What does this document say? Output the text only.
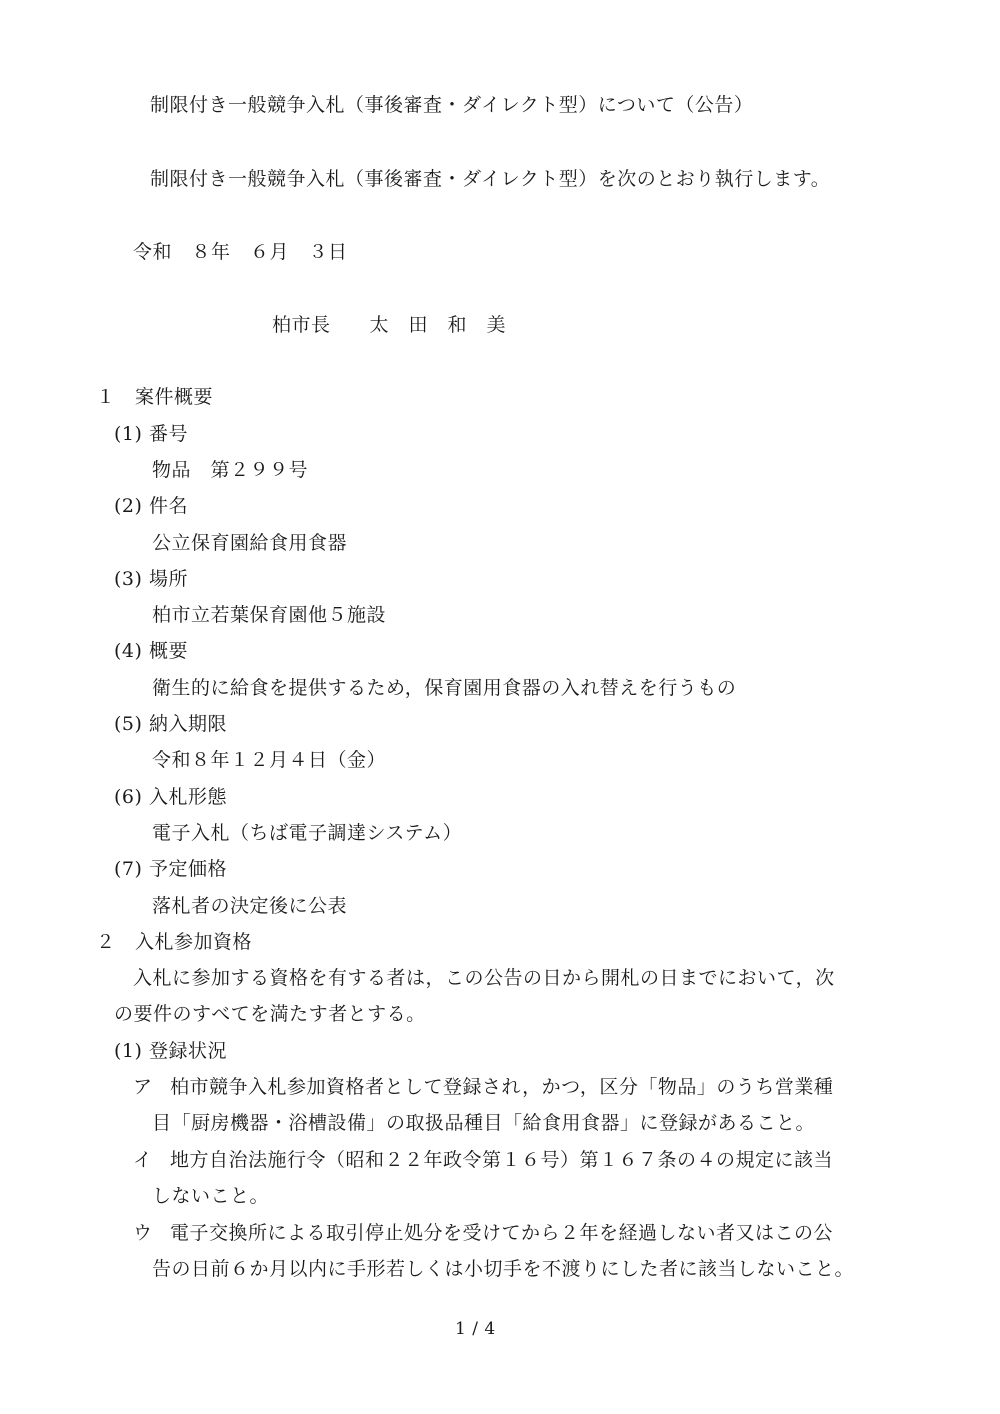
制限付き一般競争入札（事後審査・ダイレクト型）について（公告）
制限付き一般競争入札（事後審査・ダイレクト型）を次のとおり執行します。
令和　８年　６月　３日
柏市長　　太　田　和　美
１　案件概要
(1) 番号
物品　第２９９号
(2) 件名
公立保育園給食用食器
(3) 場所
柏市立若葉保育園他５施設
(4) 概要
衛生的に給食を提供するため，保育園用食器の入れ替えを行うもの
(5) 納入期限
令和８年１２月４日（金）
(6) 入札形態
電子入札（ちば電子調達システム）
(7) 予定価格
落札者の決定後に公表
２　入札参加資格
入札に参加する資格を有する者は，この公告の日から開札の日までにおいて，次
の要件のすべてを満たす者とする。
(1) 登録状況
ア 柏市競争入札参加資格者として登録され，かつ，区分「物品」のうち営業種
目「厨房機器・浴槽設備」の取扱品種目「給食用食器」に登録があること。
イ 地方自治法施行令（昭和２２年政令第１６号）第１６７条の４の規定に該当
しないこと。
ウ 電子交換所による取引停止処分を受けてから２年を経過しない者又はこの公
告の日前６か月以内に手形若しくは小切手を不渡りにした者に該当しないこと。
1 / 4
